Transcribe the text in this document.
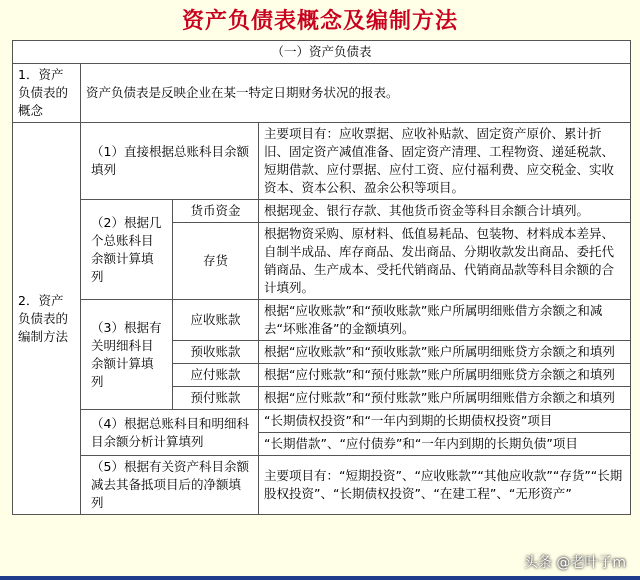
资产负债表概念及编制方法
（一）资产负债表			
1．资产负债表的概念	资产负债表是反映企业在某一特定日期财务状况的报表。		
2．资产负债表的编制方法	（1）直接根据总账科目余额填列		主要项目有：应收票据、应收补贴款、固定资产原价、累计折旧、固定资产减值准备、固定资产清理、工程物资、递延税款、短期借款、应付票据、应付工资、应付福利费、应交税金、实收资本、资本公积、盈余公积等项目。
	（2）根据几个总账科目余额计算填列	货币资金	根据现金、银行存款、其他货币资金等科目余额合计填列。
		存货	根据物资采购、原材料、低值易耗品、包装物、材料成本差异、自制半成品、库存商品、发出商品、分期收款发出商品、委托代销商品、生产成本、受托代销商品、代销商品款等科目余额的合计填列。
	（3）根据有关明细科目余额计算填列	应收账款	根据“应收账款”和“预收账款”账户所属明细账借方余额之和减去“坏账准备”的金额填列。
		预收账款	根据“应收账款”和“预收账款”账户所属明细账贷方余额之和填列
		应付账款	根据“应付账款”和“预付账款”账户所属明细账贷方余额之和填列
		预付账款	根据“应付账款”和“预付账款”账户所属明细账借方余额之和填列
	（4）根据总账科目和明细科目余额分析计算填列		“长期债权投资”和“一年内到期的长期债权投资”项目
			“长期借款”、“应付债券”和“一年内到期的长期负债”项目
	（5）根据有关资产科目余额减去其备抵项目后的净额填列		主要项目有：“短期投资”、“应收账款”“其他应收款”“存货”“长期股权投资”、“长期债权投资”、“在建工程”、“无形资产”
头条 @老叶子m
